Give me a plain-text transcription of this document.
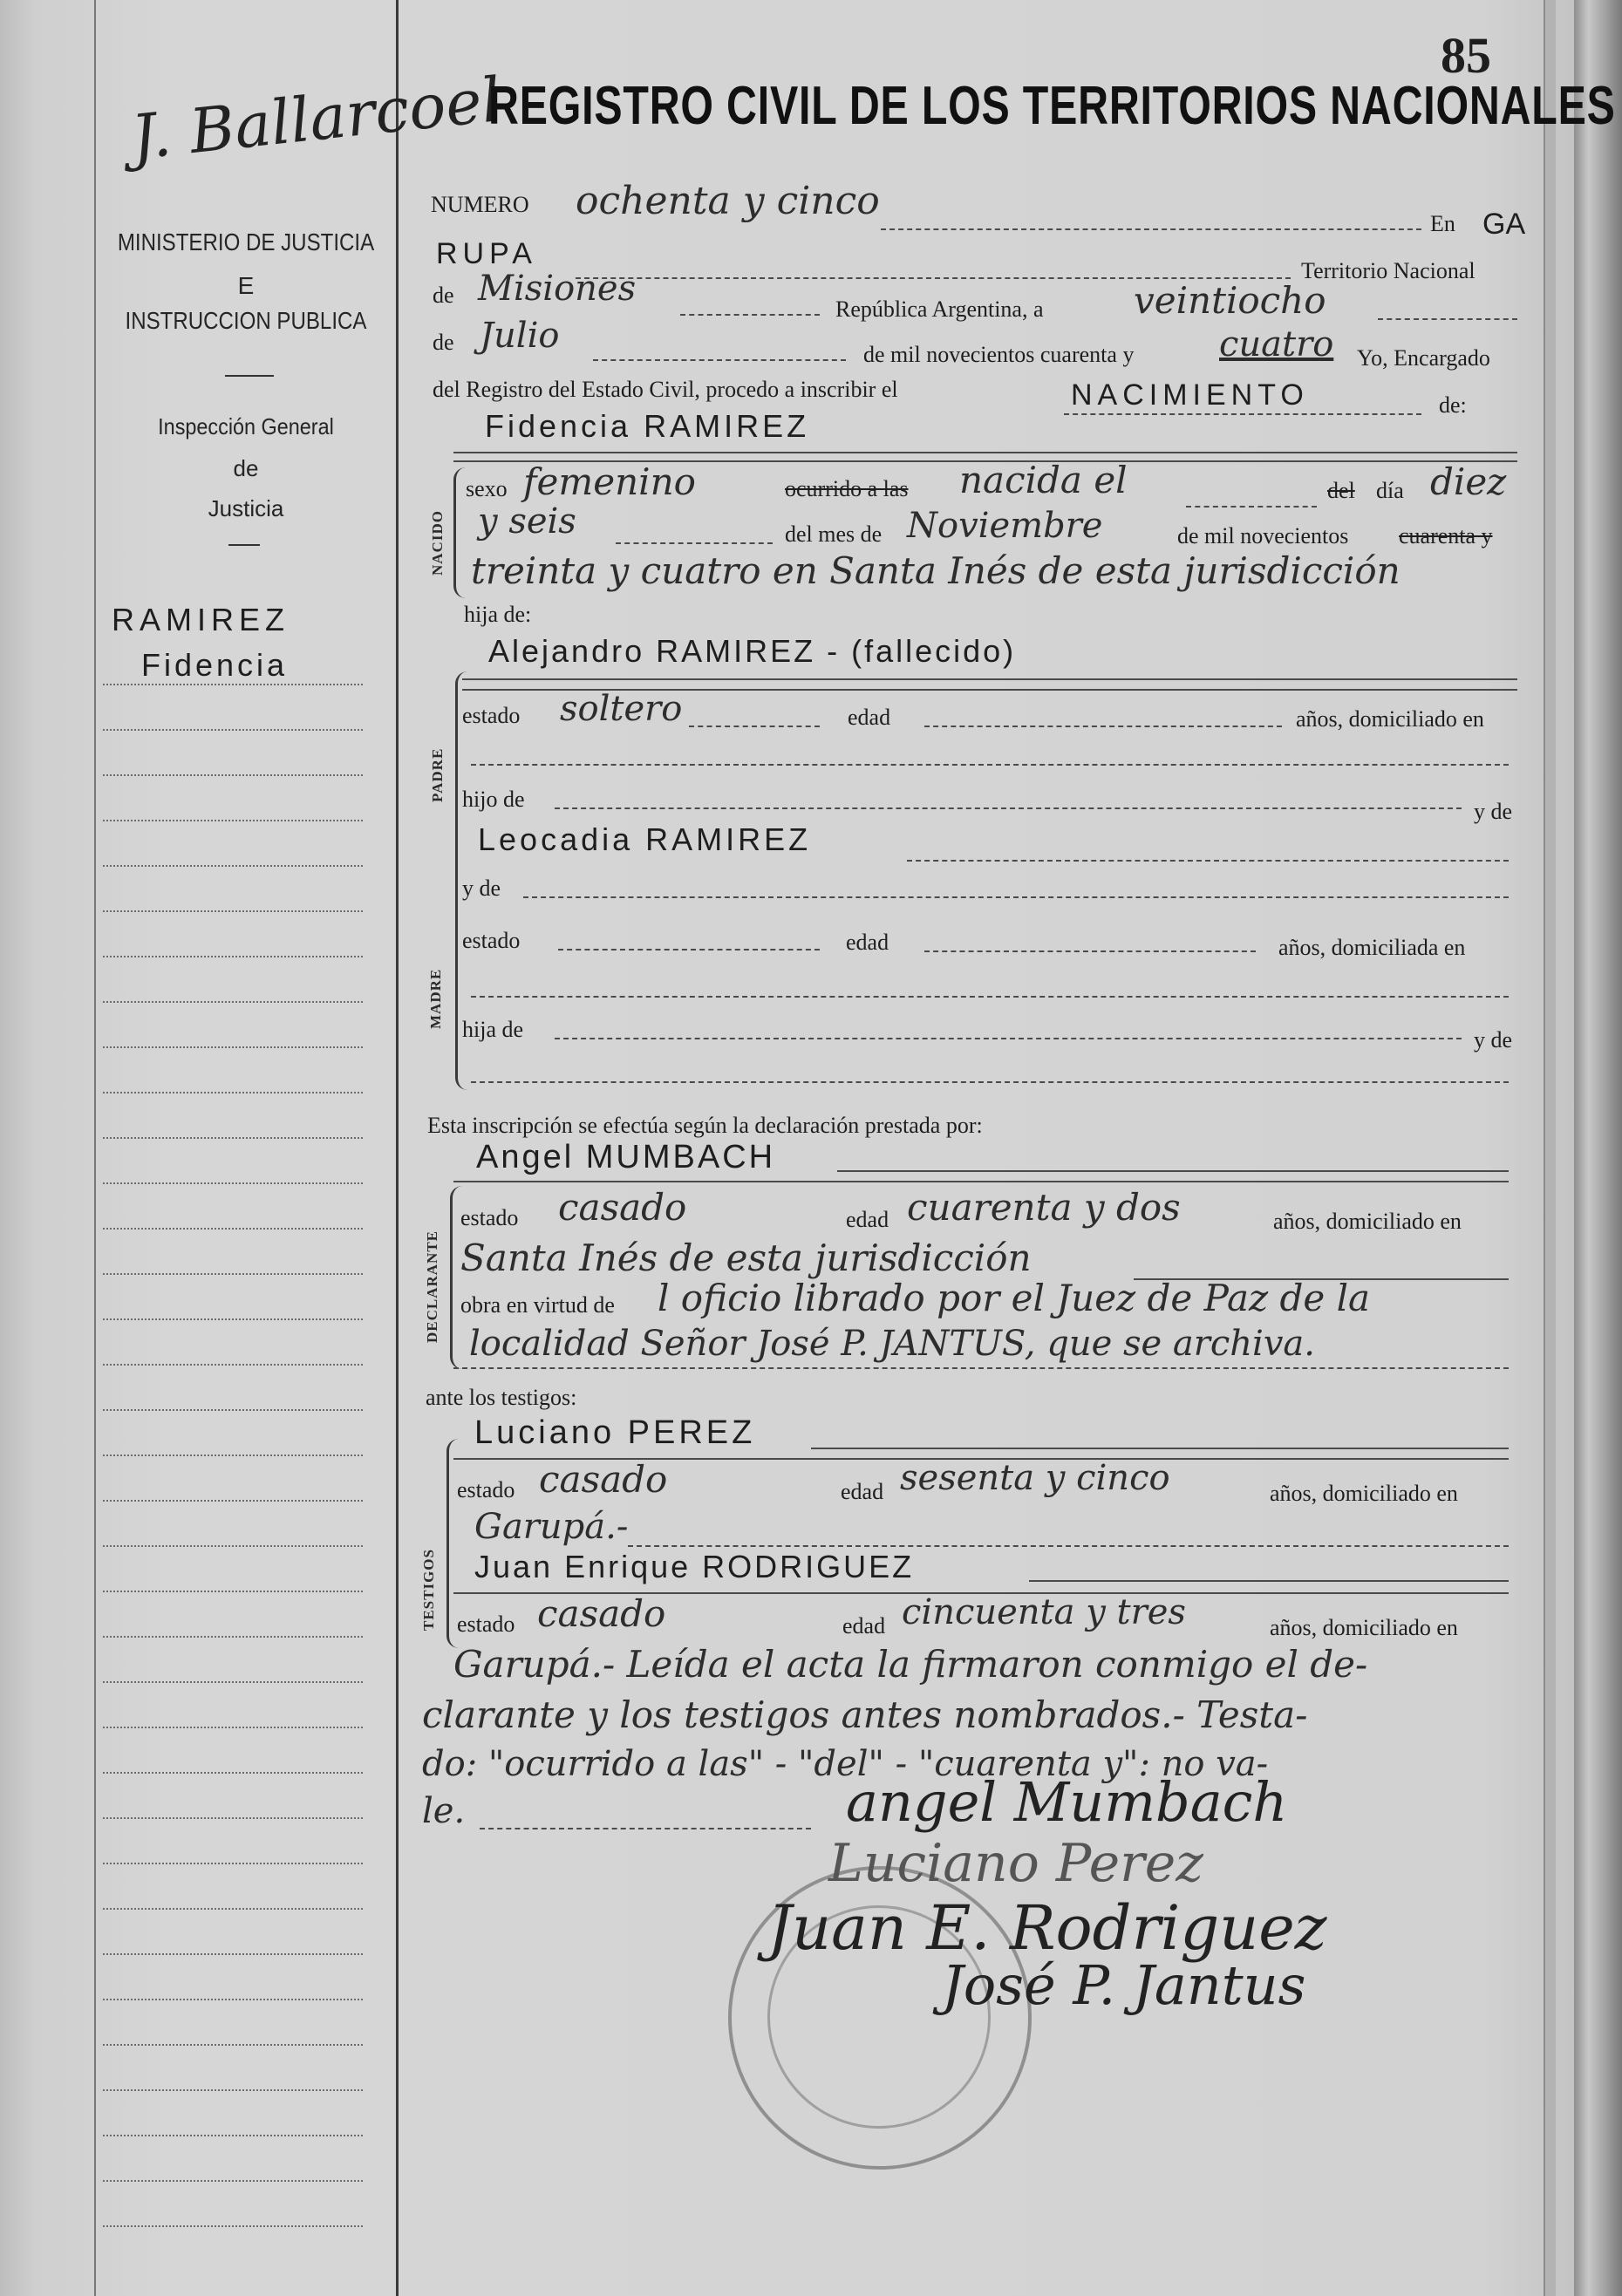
J. Ballarcoel
MINISTERIO DE JUSTICIA
E
INSTRUCCION PUBLICA
Inspección General
de
Justicia
RAMIREZ
Fidencia
85
REGISTRO CIVIL DE LOS TERRITORIOS NACIONALES
NUMERO ochenta y cinco
En GA
RUPA
Territorio Nacional
de Misiones
República Argentina, a veintiocho
de Julio	de mil novecientos cuarenta y cuatro Yo, Encargado
del Registro del Estado Civil, procedo a inscribir el	NACIMIENTO	de:
Fidencia RAMIREZ
NACIDO
sexo femenino	ocurrido a las nacida el	del día diez
y seis	del mes de Noviembre	de mil novecientos cuarenta y
treinta y cuatro en Santa Inés de esta jurisdicción
hija de:
Alejandro RAMIREZ - (fallecido)
PADRE
estado soltero	edad	años, domiciliado en
hijo de	y de
Leocadia RAMIREZ
y de
MADRE
estado	edad	años, domiciliada en
hija de	y de
Esta inscripción se efectúa según la declaración prestada por:
Angel MUMBACH
DECLARANTE
estado casado	edad cuarenta y dos	años, domiciliado en
Santa Inés de esta jurisdicción
obra en virtud de l oficio librado por el Juez de Paz de la
localidad Señor José P. JANTUS, que se archiva.
ante los testigos:
Luciano PEREZ
TESTIGOS
estado casado	edad sesenta y cinco	años, domiciliado en
Garupá.-
Juan Enrique RODRIGUEZ
estado casado	edad cincuenta y tres	años, domiciliado en
Garupá.- Leída el acta la firmaron conmigo el de-
clarante y los testigos antes nombrados.- Testa-
do: "ocurrido a las" - "del" - "cuarenta y": no va-
le.	angel Mumbach
Luciano Perez
Juan E. Rodriguez
José P. Jantus
